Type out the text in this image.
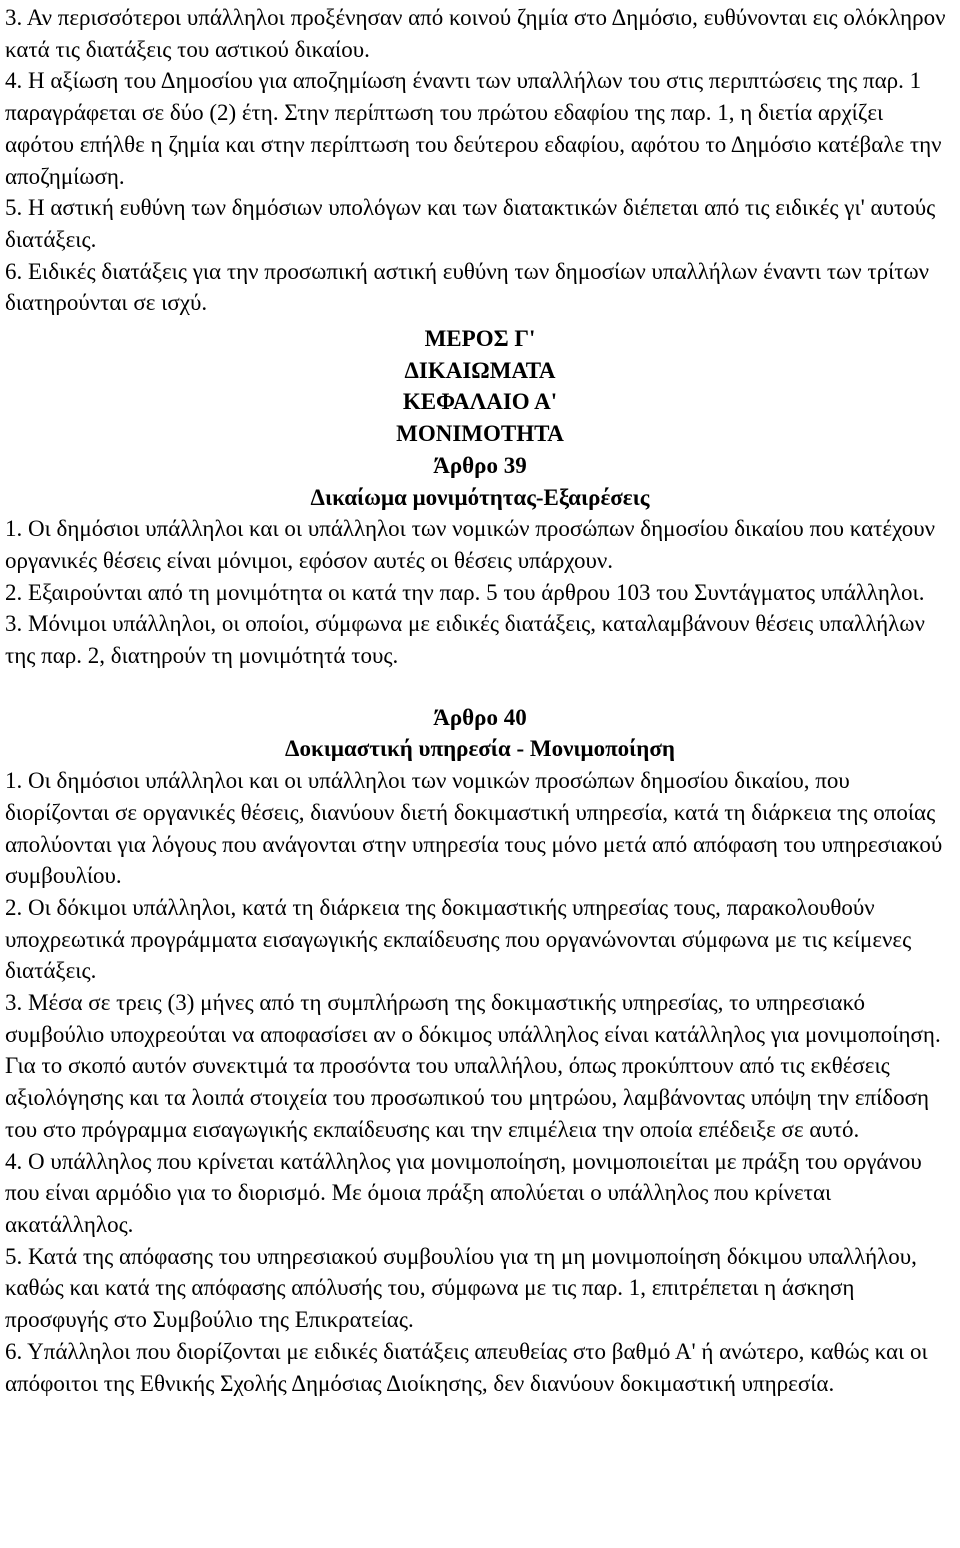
3. Αν περισσότεροι υπάλληλοι προξένησαν από κοινού ζημία στο Δημόσιο, ευθύνονται εις ολόκληρον κατά τις διατάξεις του αστικού δικαίου.

4. Η αξίωση του Δημοσίου για αποζημίωση έναντι των υπαλλήλων του στις περιπτώσεις της παρ. 1 παραγράφεται σε δύο (2) έτη. Στην περίπτωση του πρώτου εδαφίου της παρ. 1, η διετία αρχίζει αφότου επήλθε η ζημία και στην περίπτωση του δεύτερου εδαφίου, αφότου το Δημόσιο κατέβαλε την αποζημίωση.

5. Η αστική ευθύνη των δημόσιων υπολόγων και των διατακτικών διέπεται από τις ειδικές γι' αυτούς διατάξεις.

6. Ειδικές διατάξεις για την προσωπική αστική ευθύνη των δημοσίων υπαλλήλων έναντι των τρίτων διατηρούνται σε ισχύ.

ΜΕΡΟΣ Γ'

ΔΙΚΑΙΩΜΑΤΑ

ΚΕΦΑΛΑΙΟ Α'

ΜΟΝΙΜΟΤΗΤΑ

Άρθρο 39

Δικαίωμα μονιμότητας-Εξαιρέσεις

1. Οι δημόσιοι υπάλληλοι και οι υπάλληλοι των νομικών προσώπων δημοσίου δικαίου που κατέχουν οργανικές θέσεις είναι μόνιμοι, εφόσον αυτές οι θέσεις υπάρχουν.

2. Εξαιρούνται από τη μονιμότητα οι κατά την παρ. 5 του άρθρου 103 του Συντάγματος υπάλληλοι.

3. Μόνιμοι υπάλληλοι, οι οποίοι, σύμφωνα με ειδικές διατάξεις, καταλαμβάνουν θέσεις υπαλλήλων της παρ. 2, διατηρούν τη μονιμότητά τους.

Άρθρο 40

Δοκιμαστική υπηρεσία - Μονιμοποίηση

1. Οι δημόσιοι υπάλληλοι και οι υπάλληλοι των νομικών προσώπων δημοσίου δικαίου, που διορίζονται σε οργανικές θέσεις, διανύουν διετή δοκιμαστική υπηρεσία, κατά τη διάρκεια της οποίας απολύονται για λόγους που ανάγονται στην υπηρεσία τους μόνο μετά από απόφαση του υπηρεσιακού συμβουλίου.

2. Οι δόκιμοι υπάλληλοι, κατά τη διάρκεια της δοκιμαστικής υπηρεσίας τους, παρακολουθούν υποχρεωτικά προγράμματα εισαγωγικής εκπαίδευσης που οργανώνονται σύμφωνα με τις κείμενες διατάξεις.

3. Μέσα σε τρεις (3) μήνες από τη συμπλήρωση της δοκιμαστικής υπηρεσίας, το υπηρεσιακό συμβούλιο υποχρεούται να αποφασίσει αν ο δόκιμος υπάλληλος είναι κατάλληλος για μονιμοποίηση. Για το σκοπό αυτόν συνεκτιμά τα προσόντα του υπαλλήλου, όπως προκύπτουν από τις εκθέσεις αξιολόγησης και τα λοιπά στοιχεία του προσωπικού του μητρώου, λαμβάνοντας υπόψη την επίδοση του στο πρόγραμμα εισαγωγικής εκπαίδευσης και την επιμέλεια την οποία επέδειξε σε αυτό.

4. Ο υπάλληλος που κρίνεται κατάλληλος για μονιμοποίηση, μονιμοποιείται με πράξη του οργάνου που είναι αρμόδιο για το διορισμό. Με όμοια πράξη απολύεται ο υπάλληλος που κρίνεται ακατάλληλος.

5. Κατά της απόφασης του υπηρεσιακού συμβουλίου για τη μη μονιμοποίηση δόκιμου υπαλλήλου, καθώς και κατά της απόφασης απόλυσής του, σύμφωνα με τις παρ. 1, επιτρέπεται η άσκηση προσφυγής στο Συμβούλιο της Επικρατείας.

6. Υπάλληλοι που διορίζονται με ειδικές διατάξεις απευθείας στο βαθμό Α' ή ανώτερο, καθώς και οι απόφοιτοι της Εθνικής Σχολής Δημόσιας Διοίκησης, δεν διανύουν δοκιμαστική υπηρεσία.
